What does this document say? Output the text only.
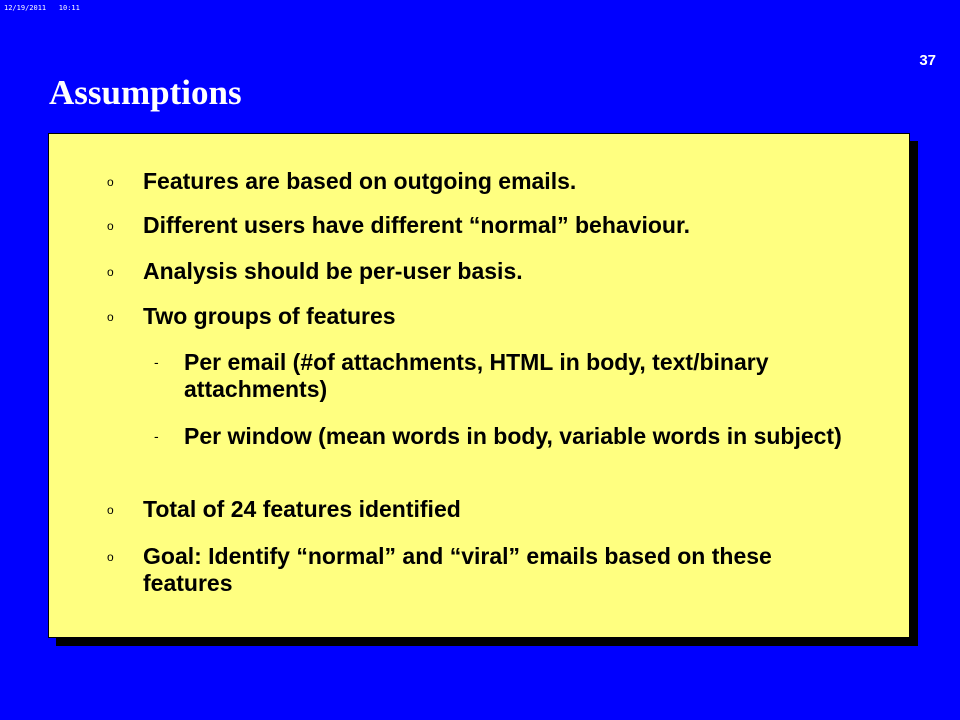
12/19/2011   10:11
37
Assumptions
o Features are based on outgoing emails.
o Different users have different “normal” behaviour.
o Analysis should be per-user basis.
o Two groups of features
- Per email (#of attachments, HTML in body, text/binary attachments)
- Per window (mean words in body, variable words in subject)
o Total of 24 features identified
o Goal: Identify “normal” and “viral” emails based on these features
